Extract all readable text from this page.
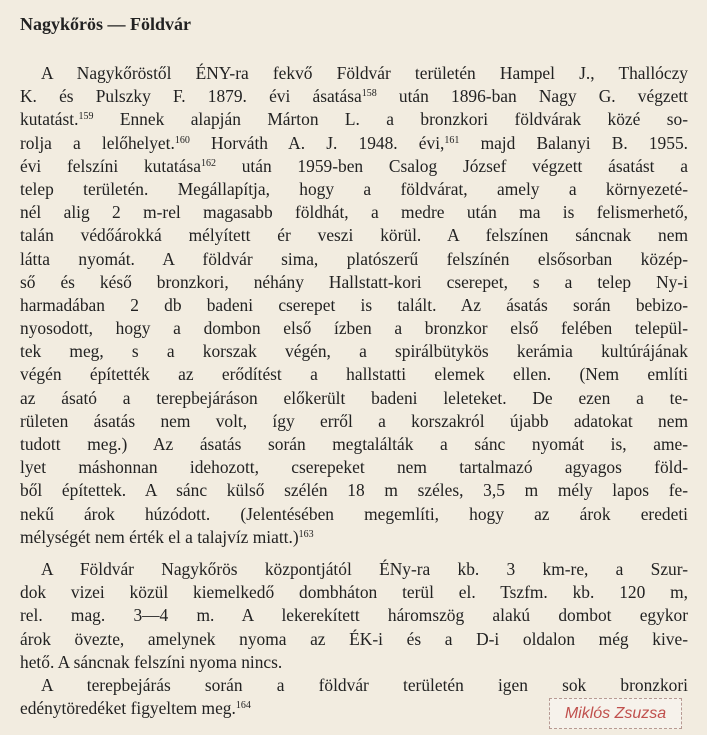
Nagykőrös — Földvár
A Nagykőröstől ÉNY-ra fekvő Földvár területén Hampel J., Thallóczy
K. és Pulszky F. 1879. évi ásatása$^{158}$ után 1896-ban Nagy G. végzett
kutatást.$^{159}$ Ennek alapján Márton L. a bronzkori földvárak közé so-
rolja a lelőhelyet.$^{160}$ Horváth A. J. 1948. évi,$^{161}$ majd Balanyi B. 1955.
évi felszíni kutatása$^{162}$ után 1959-ben Csalog József végzett ásatást a
telep területén. Megállapítja, hogy a földvárat, amely a környezeté-
nél alig 2 m-rel magasabb földhát, a medre után ma is felismerhető,
talán védőárokká mélyített ér veszi körül. A felszínen sáncnak nem
látta nyomát. A földvár sima, platószerű felszínén elsősorban közép-
ső és késő bronzkori, néhány Hallstatt-kori cserepet, s a telep Ny-i
harmadában 2 db badeni cserepet is talált. Az ásatás során bebizo-
nyosodott, hogy a dombon első ízben a bronzkor első felében települ-
tek meg, s a korszak végén, a spirálbütykös kerámia kultúrájának
végén építették az erődítést a hallstatti elemek ellen. (Nem említi
az ásató a terepbejáráson előkerült badeni leleteket. De ezen a te-
rületen ásatás nem volt, így erről a korszakról újabb adatokat nem
tudott meg.) Az ásatás során megtalálták a sánc nyomát is, ame-
lyet máshonnan idehozott, cserepeket nem tartalmazó agyagos föld-
ből építettek. A sánc külső szélén 18 m széles, 3,5 m mély lapos fe-
nekű árok húzódott. (Jelentésében megemlíti, hogy az árok eredeti
mélységét nem érték el a talajvíz miatt.)$^{163}$
A Földvár Nagykőrös központjától ÉNy-ra kb. 3 km-re, a Szur-
dok vizei közül kiemelkedő dombháton terül el. Tszfm. kb. 120 m,
rel. mag. 3—4 m. A lekerekített háromszög alakú dombot egykor
árok övezte, amelynek nyoma az ÉK-i és a D-i oldalon még kive-
hető. A sáncnak felszíni nyoma nincs.
A terepbejárás során a földvár területén igen sok bronzkori
edénytöredéket figyeltem meg.$^{164}$	Miklós Zsuzsa
